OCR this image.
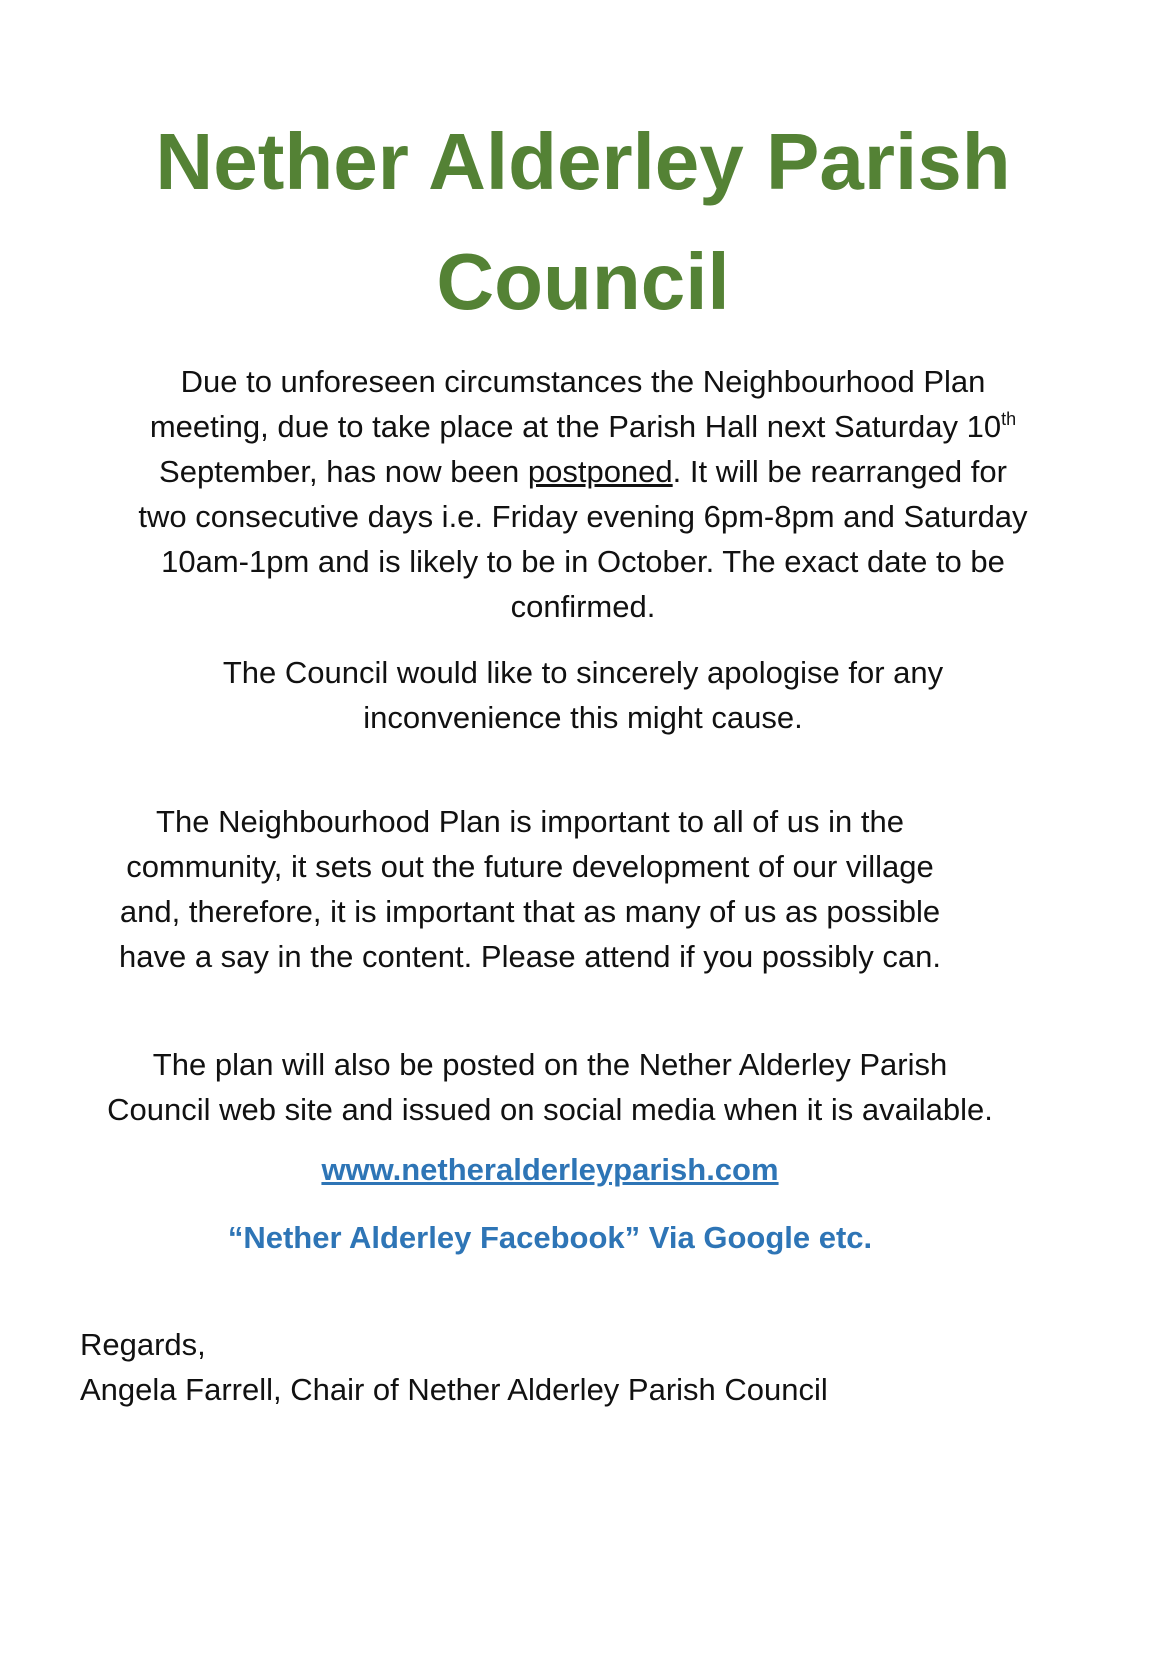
Nether Alderley Parish
Council

Due to unforeseen circumstances the Neighbourhood Plan

meeting, due to take place at the Parish Hall next Saturday 10th

September, has now been postponed. It will be rearranged for

two consecutive days i.e. Friday evening 6pm-8pm and Saturday

10am-1pm and is likely to be in October. The exact date to be

confirmed.

The Council would like to sincerely apologise for any

inconvenience this might cause.

The Neighbourhood Plan is important to all of us in the

community, it sets out the future development of our village

and, therefore, it is important that as many of us as possible

have a say in the content. Please attend if you possibly can.

The plan will also be posted on the Nether Alderley Parish

Council web site and issued on social media when it is available.

www.netheralderleyparish.com

“Nether Alderley Facebook” Via Google etc.

Regards,

Angela Farrell, Chair of Nether Alderley Parish Council
